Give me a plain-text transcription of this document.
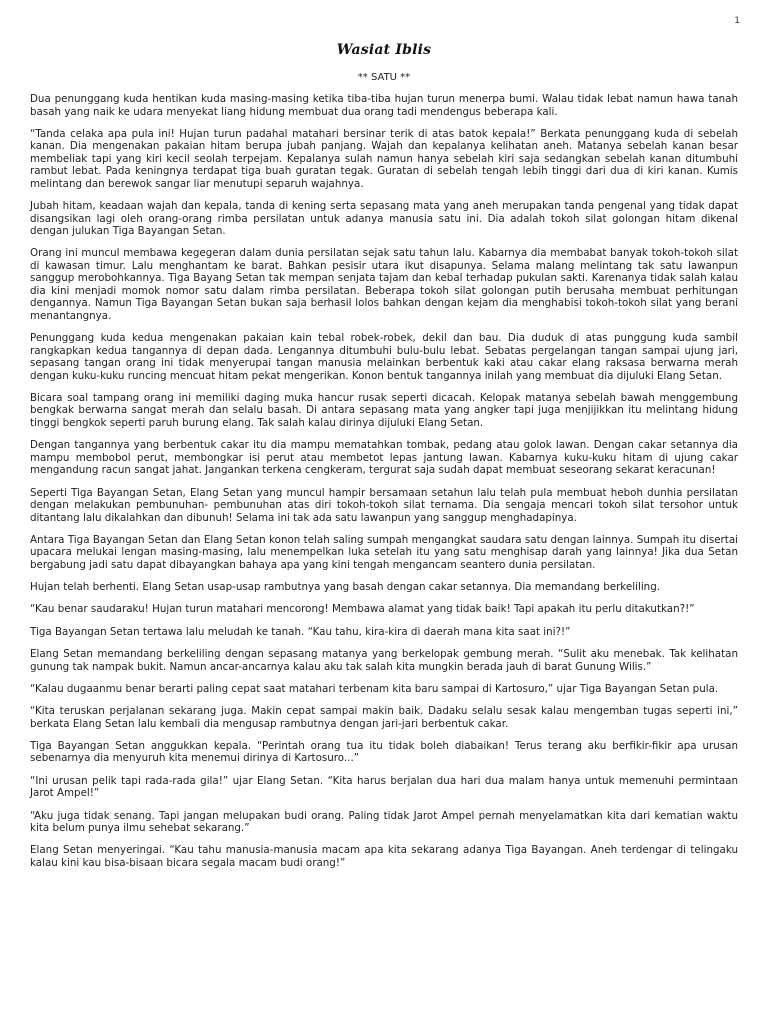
1
Wasiat Iblis
** SATU **

Dua penunggang kuda hentikan kuda masing-masing ketika tiba-tiba hujan turun menerpa bumi. Walau tidak lebat namun hawa tanah basah yang naik ke udara menyekat liang hidung membuat dua orang tadi mendengus beberapa kali.

“Tanda celaka apa pula ini! Hujan turun padahal matahari bersinar terik di atas batok kepala!” Berkata penunggang kuda di sebelah kanan. Dia mengenakan pakaian hitam berupa jubah panjang. Wajah dan kepalanya kelihatan aneh. Matanya sebelah kanan besar membeliak tapi yang kiri kecil seolah terpejam. Kepalanya sulah namun hanya sebelah kiri saja sedangkan sebelah kanan ditumbuhi rambut lebat. Pada keningnya terdapat tiga buah guratan tegak. Guratan di sebelah tengah lebih tinggi dari dua di kiri kanan. Kumis melintang dan berewok sangar liar menutupi separuh wajahnya.

Jubah hitam, keadaan wajah dan kepala, tanda di kening serta sepasang mata yang aneh merupakan tanda pengenal yang tidak dapat disangsikan lagi oleh orang-orang rimba persilatan untuk adanya manusia satu ini. Dia adalah tokoh silat golongan hitam dikenal dengan julukan Tiga Bayangan Setan.

Orang ini muncul membawa kegegeran dalam dunia persilatan sejak satu tahun lalu. Kabarnya dia membabat banyak tokoh-tokoh silat di kawasan timur. Lalu menghantam ke barat. Bahkan pesisir utara ikut disapunya. Selama malang melintang tak satu lawanpun sanggup merobohkannya. Tiga Bayang Setan tak mempan senjata tajam dan kebal terhadap pukulan sakti. Karenanya tidak salah kalau dia kini menjadi momok nomor satu dalam rimba persilatan. Beberapa tokoh silat golongan putih berusaha membuat perhitungan dengannya. Namun Tiga Bayangan Setan bukan saja berhasil lolos bahkan dengan kejam dia menghabisi tokoh-tokoh silat yang berani menantangnya.

Penunggang kuda kedua mengenakan pakaian kain tebal robek-robek, dekil dan bau. Dia duduk di atas punggung kuda sambil rangkapkan kedua tangannya di depan dada. Lengannya ditumbuhi bulu-bulu lebat. Sebatas pergelangan tangan sampai ujung jari, sepasang tangan orang ini tidak menyerupai tangan manusia melainkan berbentuk kaki atau cakar elang raksasa berwarna merah dengan kuku-kuku runcing mencuat hitam pekat mengerikan. Konon bentuk tangannya inilah yang membuat dia dijuluki Elang Setan.

Bicara soal tampang orang ini memiliki daging muka hancur rusak seperti dicacah. Kelopak matanya sebelah bawah menggembung bengkak berwarna sangat merah dan selalu basah. Di antara sepasang mata yang angker tapi juga menjijikkan itu melintang hidung tinggi bengkok seperti paruh burung elang. Tak salah kalau dirinya dijuluki Elang Setan.

Dengan tangannya yang berbentuk cakar itu dia mampu mematahkan tombak, pedang atau golok lawan. Dengan cakar setannya dia mampu membobol perut, membongkar isi perut atau membetot lepas jantung lawan. Kabarnya kuku-kuku hitam di ujung cakar mengandung racun sangat jahat. Jangankan terkena cengkeram, tergurat saja sudah dapat membuat seseorang sekarat keracunan!

Seperti Tiga Bayangan Setan, Elang Setan yang muncul hampir bersamaan setahun lalu telah pula membuat heboh dunhia persilatan dengan melakukan pembunuhan- pembunuhan atas diri tokoh-tokoh silat ternama. Dia sengaja mencari tokoh silat tersohor untuk ditantang lalu dikalahkan dan dibunuh! Selama ini tak ada satu lawanpun yang sanggup menghadapinya.

Antara Tiga Bayangan Setan dan Elang Setan konon telah saling sumpah mengangkat saudara satu dengan lainnya. Sumpah itu disertai upacara melukai lengan masing-masing, lalu menempelkan luka setelah itu yang satu menghisap darah yang lainnya! Jika dua Setan bergabung jadi satu dapat dibayangkan bahaya apa yang kini tengah mengancam seantero dunia persilatan.

Hujan telah berhenti. Elang Setan usap-usap rambutnya yang basah dengan cakar setannya. Dia memandang berkeliling.

“Kau benar saudaraku! Hujan turun matahari mencorong! Membawa alamat yang tidak baik! Tapi apakah itu perlu ditakutkan?!”

Tiga Bayangan Setan tertawa lalu meludah ke tanah. “Kau tahu, kira-kira di daerah mana kita saat ini?!”

Elang Setan memandang berkeliling dengan sepasang matanya yang berkelopak gembung merah. “Sulit aku menebak. Tak kelihatan gunung tak nampak bukit. Namun ancar-ancarnya kalau aku tak salah kita mungkin berada jauh di barat Gunung Wilis.”

“Kalau dugaanmu benar berarti paling cepat saat matahari terbenam kita baru sampai di Kartosuro,” ujar Tiga Bayangan Setan pula.

“Kita teruskan perjalanan sekarang juga. Makin cepat sampai makin baik. Dadaku selalu sesak kalau mengemban tugas seperti ini,” berkata Elang Setan lalu kembali dia mengusap rambutnya dengan jari-jari berbentuk cakar.

Tiga Bayangan Setan anggukkan kepala. “Perintah orang tua itu tidak boleh diabaikan! Terus terang aku berfikir-fikir apa urusan sebenarnya dia menyuruh kita menemui dirinya di Kartosuro...”

“Ini urusan pelik tapi rada-rada gila!” ujar Elang Setan. “Kita harus berjalan dua hari dua malam hanya untuk memenuhi permintaan Jarot Ampel!”

“Aku juga tidak senang. Tapi jangan melupakan budi orang. Paling tidak Jarot Ampel pernah menyelamatkan kita dari kematian waktu kita belum punya ilmu sehebat sekarang.”

Elang Setan menyeringai. “Kau tahu manusia-manusia macam apa kita sekarang adanya Tiga Bayangan. Aneh terdengar di telingaku kalau kini kau bisa-bisaan bicara segala macam budi orang!”
